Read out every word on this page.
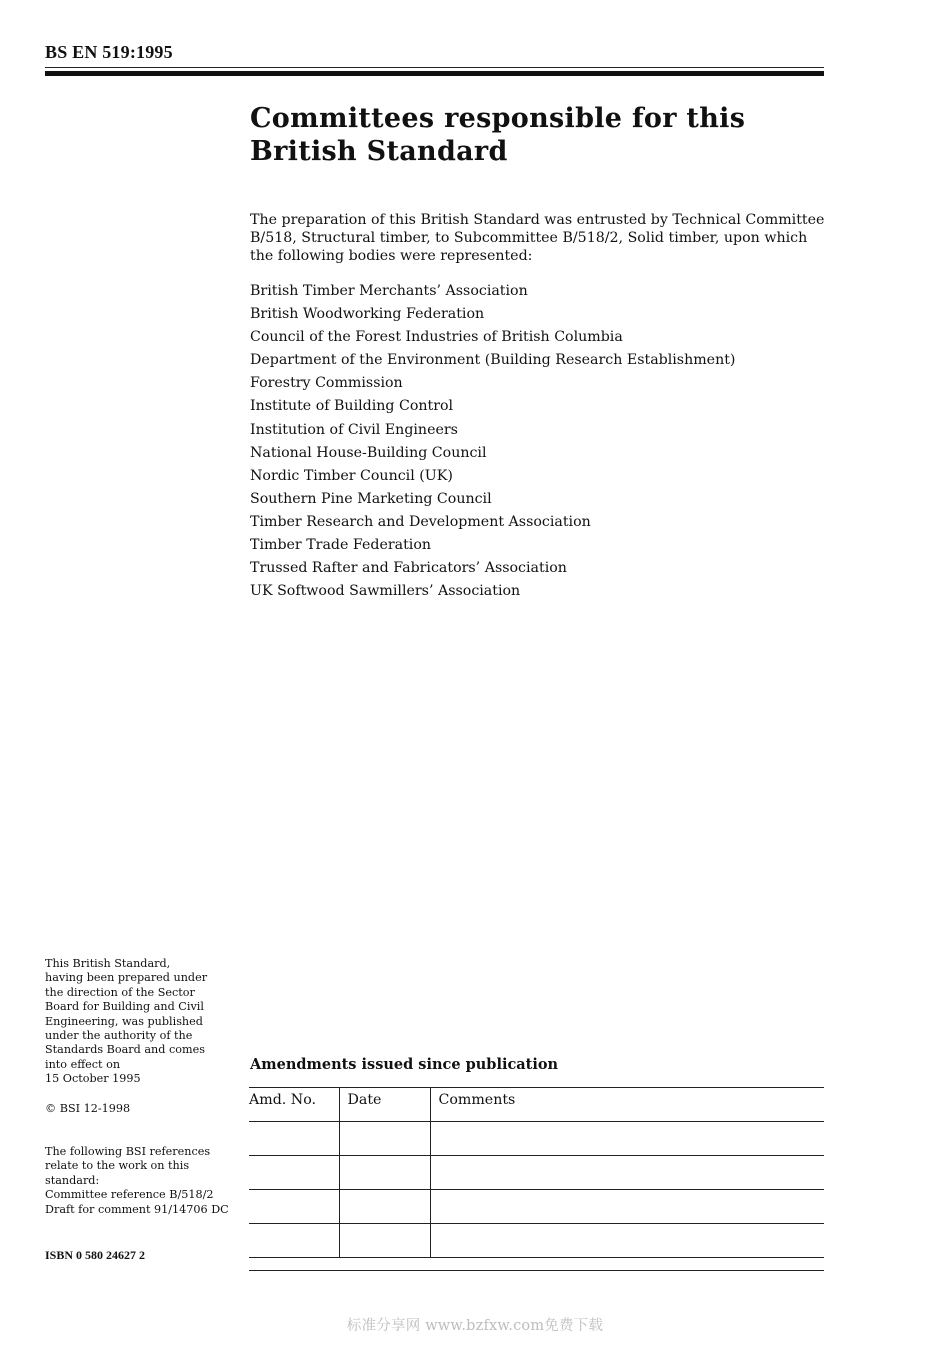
BS EN 519:1995
Committees responsible for this
British Standard

The preparation of this British Standard was entrusted by Technical Committee B/518, Structural timber, to Subcommittee B/518/2, Solid timber, upon which the following bodies were represented:

British Timber Merchants’ Association
British Woodworking Federation
Council of the Forest Industries of British Columbia
Department of the Environment (Building Research Establishment)
Forestry Commission
Institute of Building Control
Institution of Civil Engineers
National House-Building Council
Nordic Timber Council (UK)
Southern Pine Marketing Council
Timber Research and Development Association
Timber Trade Federation
Trussed Rafter and Fabricators’ Association
UK Softwood Sawmillers’ Association
This British Standard,
having been prepared under
the direction of the Sector
Board for Building and Civil
Engineering, was published
under the authority of the
Standards Board and comes
into effect on
15 October 1995
© BSI 12-1998
The following BSI references
relate to the work on this
standard:
Committee reference B/518/2
Draft for comment 91/14706 DC
ISBN 0 580 24627 2
Amendments issued since publication
Amd. No.	Date	Comments

标准分享网 www.bzfxw.com免费下载
